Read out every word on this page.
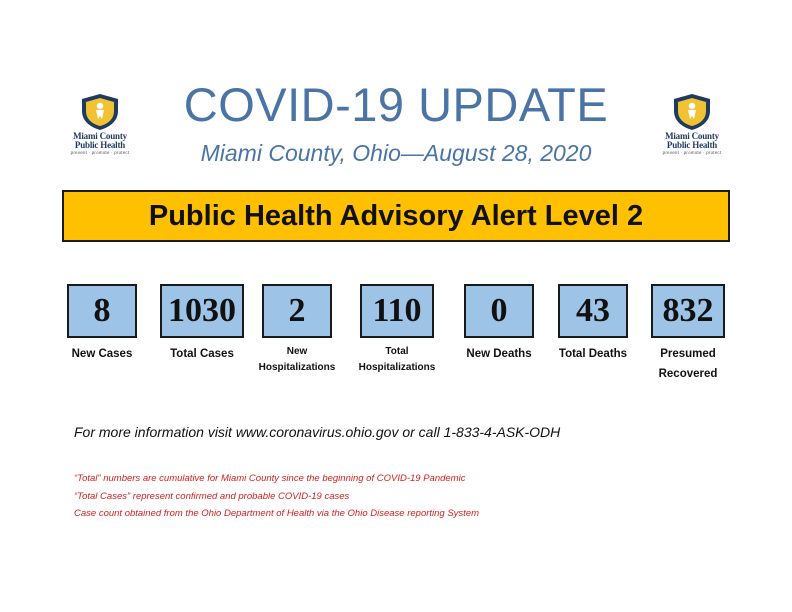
Miami County
Public Health
prevent · promote · protect
Miami County
Public Health
prevent · promote · protect
COVID-19 UPDATE
Miami County, Ohio—August 28, 2020
Public Health Advisory Alert Level 2
8
New Cases
1030
Total Cases
2
New
Hospitalizations
110
Total
Hospitalizations
0
New Deaths
43
Total Deaths
832
Presumed
Recovered
For more information visit www.coronavirus.ohio.gov or call 1-833-4-ASK-ODH
“Total” numbers are cumulative for Miami County since the beginning of COVID-19 Pandemic
“Total Cases” represent confirmed and probable COVID-19 cases
Case count obtained from the Ohio Department of Health via the Ohio Disease reporting System
